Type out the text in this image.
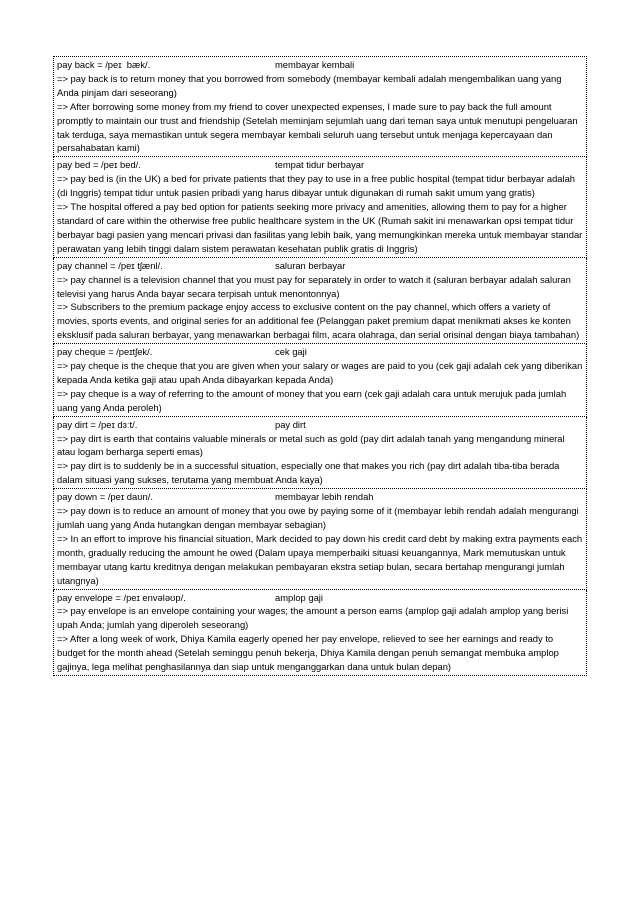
pay back = /peɪ  bæk/.	membayar kembali
=> pay back is to return money that you borrowed from somebody (membayar kembali adalah mengembalikan uang yang Anda pinjam dari seseorang)
=> After borrowing some money from my friend to cover unexpected expenses, I made sure to pay back the full amount promptly to maintain our trust and friendship (Setelah meminjam sejumlah uang dari teman saya untuk menutupi pengeluaran tak terduga, saya memastikan untuk segera membayar kembali seluruh uang tersebut untuk menjaga kepercayaan dan persahabatan kami)
pay bed = /peɪ bed/.	tempat tidur berbayar
=> pay bed is (in the UK) a bed for private patients that they pay to use in a free public hospital (tempat tidur berbayar adalah (di Inggris) tempat tidur untuk pasien pribadi yang harus dibayar untuk digunakan di rumah sakit umum yang gratis)
=> The hospital offered a pay bed option for patients seeking more privacy and amenities, allowing them to pay for a higher standard of care within the otherwise free public healthcare system in the UK (Rumah sakit ini menawarkan opsi tempat tidur berbayar bagi pasien yang mencari privasi dan fasilitas yang lebih baik, yang memungkinkan mereka untuk membayar standar perawatan yang lebih tinggi dalam sistem perawatan kesehatan publik gratis di Inggris)
pay channel = /peɪ tʃænl/.	saluran berbayar
=> pay channel is a television channel that you must pay for separately in order to watch it (saluran berbayar adalah saluran televisi yang harus Anda bayar secara terpisah untuk menontonnya)
=> Subscribers to the premium package enjoy access to exclusive content on the pay channel, which offers a variety of movies, sports events, and original series for an additional fee (Pelanggan paket premium dapat menikmati akses ke konten eksklusif pada saluran berbayar, yang menawarkan berbagai film, acara olahraga, dan serial orisinal dengan biaya tambahan)
pay cheque = /peɪtʃek/.	cek gaji
=> pay cheque is the cheque that you are given when your salary or wages are paid to you (cek gaji adalah cek yang diberikan kepada Anda ketika gaji atau upah Anda dibayarkan kepada Anda)
=> pay cheque is a way of referring to the amount of money that you earn (cek gaji adalah cara untuk merujuk pada jumlah uang yang Anda peroleh)
pay dirt = /peɪ dɜːt/.	pay dirt
=> pay dirt is earth that contains valuable minerals or metal such as gold (pay dirt adalah tanah yang mengandung mineral atau logam berharga seperti emas)
=> pay dirt is to suddenly be in a successful situation, especially one that makes you rich (pay dirt adalah tiba-tiba berada dalam situasi yang sukses, terutama yang membuat Anda kaya)
pay down = /peɪ daʊn/.	membayar lebih rendah
=> pay down is to reduce an amount of money that you owe by paying some of it (membayar lebih rendah adalah mengurangi jumlah uang yang Anda hutangkan dengan membayar sebagian)
=> In an effort to improve his financial situation, Mark decided to pay down his credit card debt by making extra payments each month, gradually reducing the amount he owed (Dalam upaya memperbaiki situasi keuangannya, Mark memutuskan untuk membayar utang kartu kreditnya dengan melakukan pembayaran ekstra setiap bulan, secara bertahap mengurangi jumlah utangnya)
pay envelope = /peɪ envələʊp/.	amplop gaji
=> pay envelope is an envelope containing your wages; the amount a person earns (amplop gaji adalah amplop yang berisi upah Anda; jumlah yang diperoleh seseorang)
=> After a long week of work, Dhiya Kamila eagerly opened her pay envelope, relieved to see her earnings and ready to budget for the month ahead (Setelah seminggu penuh bekerja, Dhiya Kamila dengan penuh semangat membuka amplop gajinya, lega melihat penghasilannya dan siap untuk menganggarkan dana untuk bulan depan)
